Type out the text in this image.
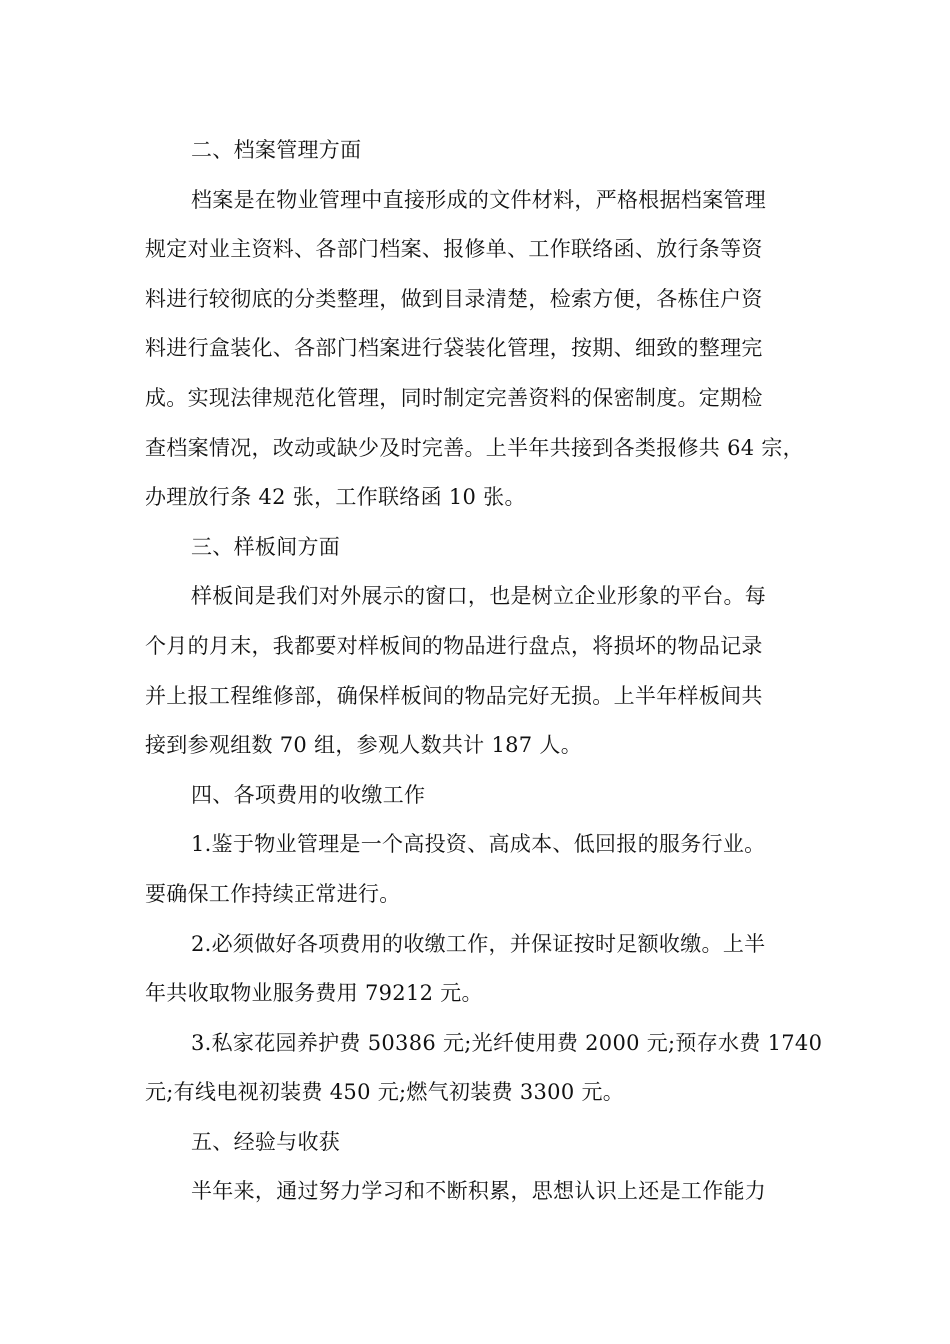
二、档案管理方面
档案是在物业管理中直接形成的文件材料，严格根据档案管理
规定对业主资料、各部门档案、报修单、工作联络函、放行条等资
料进行较彻底的分类整理，做到目录清楚，检索方便，各栋住户资
料进行盒装化、各部门档案进行袋装化管理，按期、细致的整理完
成。实现法律规范化管理，同时制定完善资料的保密制度。定期检
查档案情况，改动或缺少及时完善。上半年共接到各类报修共 64 宗，
办理放行条 42 张，工作联络函 10 张。
三、样板间方面
样板间是我们对外展示的窗口，也是树立企业形象的平台。每
个月的月末，我都要对样板间的物品进行盘点，将损坏的物品记录
并上报工程维修部，确保样板间的物品完好无损。上半年样板间共
接到参观组数 70 组，参观人数共计 187 人。
四、各项费用的收缴工作
1.鉴于物业管理是一个高投资、高成本、低回报的服务行业。
要确保工作持续正常进行。
2.必须做好各项费用的收缴工作，并保证按时足额收缴。上半
年共收取物业服务费用 79212 元。
3.私家花园养护费 50386 元;光纤使用费 2000 元;预存水费 1740
元;有线电视初装费 450 元;燃气初装费 3300 元。
五、经验与收获
半年来，通过努力学习和不断积累，思想认识上还是工作能力
